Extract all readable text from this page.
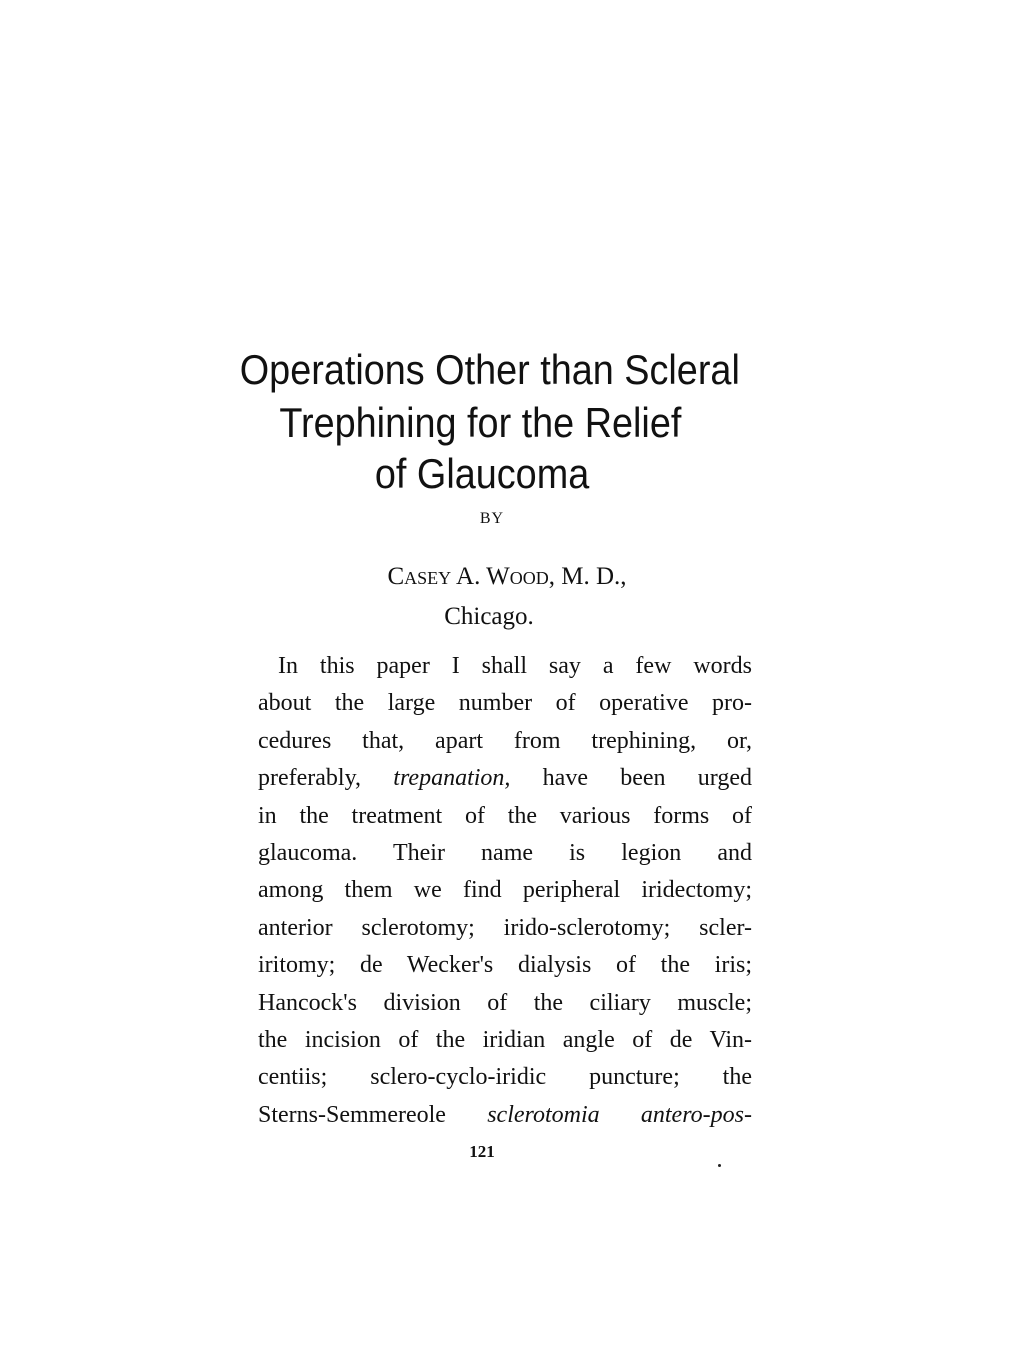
Operations Other than Scleral
Trephining for the Relief
of Glaucoma
BY
Casey A. Wood, M. D.,
Chicago.
In this paper I shall say a few words
about the large number of operative pro-
cedures that, apart from trephining, or,
preferably, trepanation, have been urged
in the treatment of the various forms of
glaucoma. Their name is legion and
among them we find peripheral iridectomy;
anterior sclerotomy; irido-sclerotomy; scler-
iritomy; de Wecker's dialysis of the iris;
Hancock's division of the ciliary muscle;
the incision of the iridian angle of de Vin-
centiis; sclero-cyclo-iridic puncture; the
Sterns-Semmereole sclerotomia antero-pos-
121
